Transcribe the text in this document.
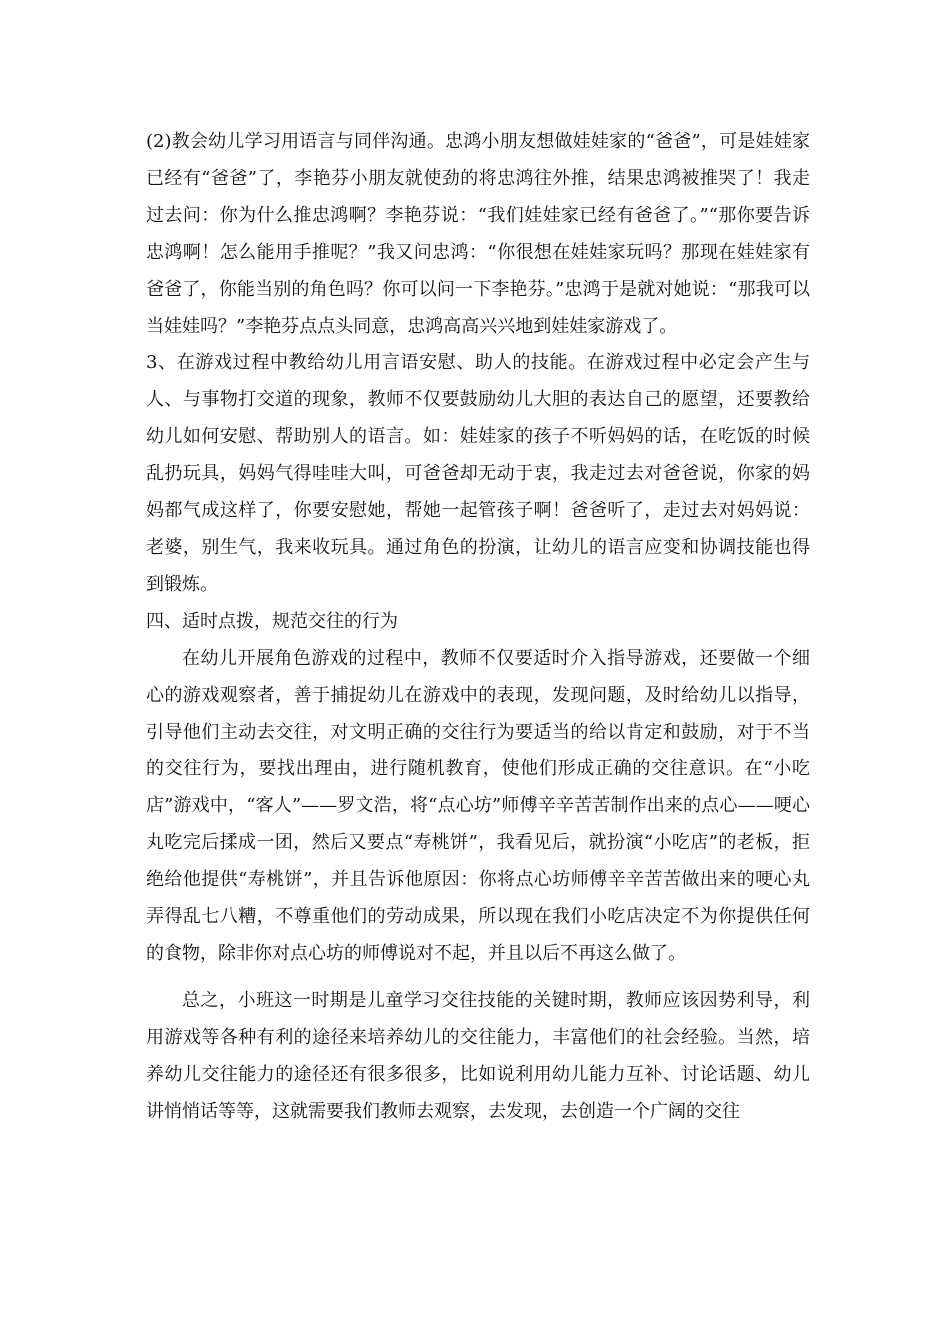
(2)教会幼儿学习用语言与同伴沟通。忠鸿小朋友想做娃娃家的“爸爸”，可是娃娃家已经有“爸爸”了，李艳芬小朋友就使劲的将忠鸿往外推，结果忠鸿被推哭了！我走过去问：你为什么推忠鸿啊？李艳芬说：“我们娃娃家已经有爸爸了。”“那你要告诉忠鸿啊！怎么能用手推呢？”我又问忠鸿：“你很想在娃娃家玩吗？那现在娃娃家有爸爸了，你能当别的角色吗？你可以问一下李艳芬。”忠鸿于是就对她说：“那我可以当娃娃吗？”李艳芬点点头同意，忠鸿高高兴兴地到娃娃家游戏了。

3、在游戏过程中教给幼儿用言语安慰、助人的技能。在游戏过程中必定会产生与人、与事物打交道的现象，教师不仅要鼓励幼儿大胆的表达自己的愿望，还要教给幼儿如何安慰、帮助别人的语言。如：娃娃家的孩子不听妈妈的话，在吃饭的时候乱扔玩具，妈妈气得哇哇大叫，可爸爸却无动于衷，我走过去对爸爸说，你家的妈妈都气成这样了，你要安慰她，帮她一起管孩子啊！爸爸听了，走过去对妈妈说：老婆，别生气，我来收玩具。通过角色的扮演，让幼儿的语言应变和协调技能也得到锻炼。

四、适时点拨，规范交往的行为

在幼儿开展角色游戏的过程中，教师不仅要适时介入指导游戏，还要做一个细心的游戏观察者，善于捕捉幼儿在游戏中的表现，发现问题，及时给幼儿以指导，引导他们主动去交往，对文明正确的交往行为要适当的给以肯定和鼓励，对于不当的交往行为，要找出理由，进行随机教育，使他们形成正确的交往意识。在“小吃店”游戏中，“客人”——罗文浩，将“点心坊”师傅辛辛苦苦制作出来的点心——哽心丸吃完后揉成一团，然后又要点“寿桃饼”，我看见后，就扮演“小吃店”的老板，拒绝给他提供“寿桃饼”，并且告诉他原因：你将点心坊师傅辛辛苦苦做出来的哽心丸弄得乱七八糟，不尊重他们的劳动成果，所以现在我们小吃店决定不为你提供任何的食物，除非你对点心坊的师傅说对不起，并且以后不再这么做了。

总之，小班这一时期是儿童学习交往技能的关键时期，教师应该因势利导，利用游戏等各种有利的途径来培养幼儿的交往能力，丰富他们的社会经验。当然，培养幼儿交往能力的途径还有很多很多，比如说利用幼儿能力互补、讨论话题、幼儿讲悄悄话等等，这就需要我们教师去观察，去发现，去创造一个广阔的交往
